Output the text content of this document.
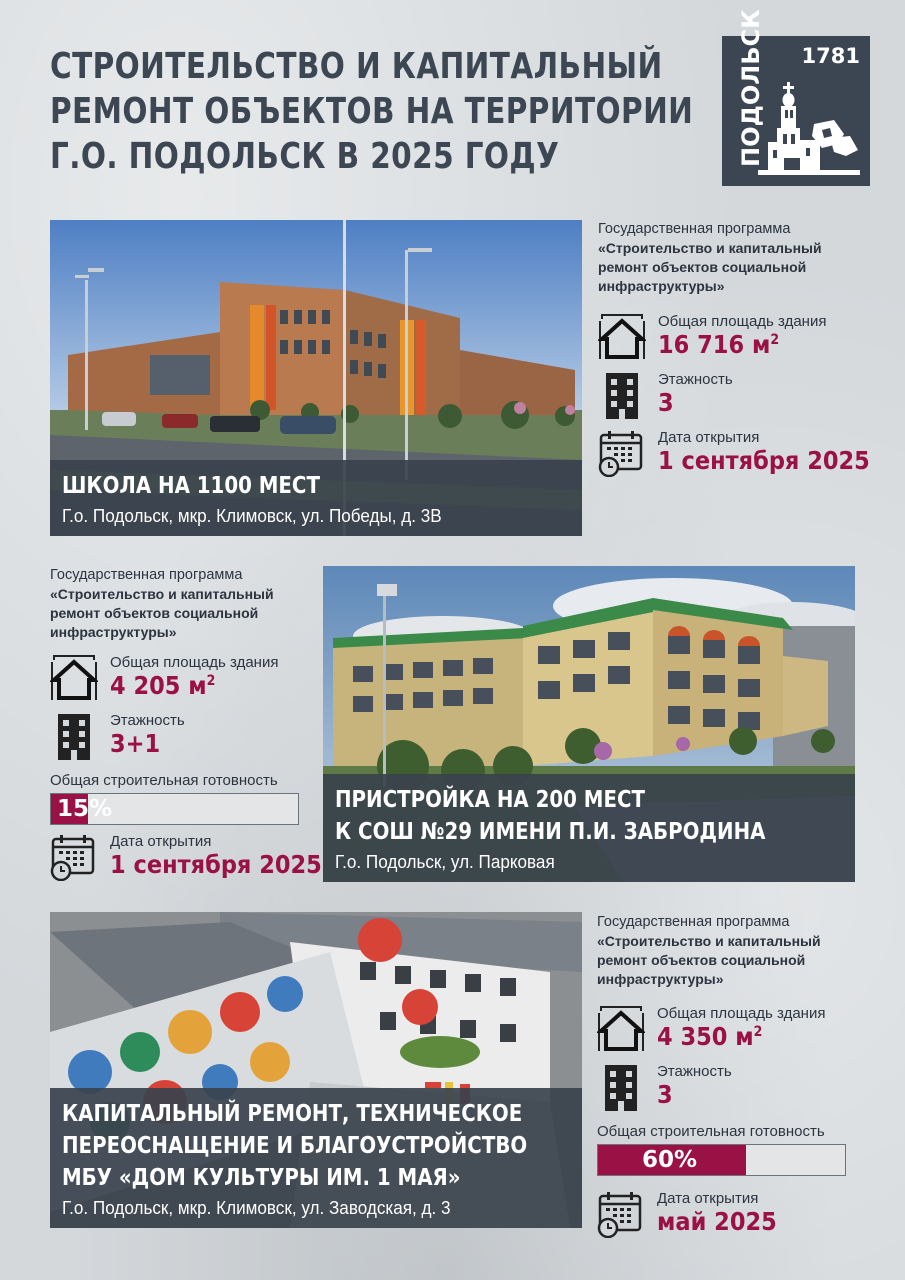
СТРОИТЕЛЬСТВО И КАПИТАЛЬНЫЙ
РЕМОНТ ОБЪЕКТОВ НА ТЕРРИТОРИИ
Г.О. ПОДОЛЬСК В 2025 ГОДУ	ПОДОЛЬСК 1781
ШКОЛА НА 1100 МЕСТ
Г.о. Подольск, мкр. Климовск, ул. Победы, д. 3В
Государственная программа
«Строительство и капитальный ремонт объектов социальной инфраструктуры»
Общая площадь здания
16 716 $м^2$
Этажность
3
Дата открытия
1 сентября 2025
Государственная программа
«Строительство и капитальный ремонт объектов социальной инфраструктуры»
Общая площадь здания
4 205 $м^2$
Этажность
3+1
Общая строительная готовность
15%
Дата открытия
1 сентября 2025
ПРИСТРОЙКА НА 200 МЕСТ
К СОШ №29 ИМЕНИ П.И. ЗАБРОДИНА
Г.о. Подольск, ул. Парковая
КАПИТАЛЬНЫЙ РЕМОНТ, ТЕХНИЧЕСКОЕ
ПЕРЕОСНАЩЕНИЕ И БЛАГОУСТРОЙСТВО
МБУ «ДОМ КУЛЬТУРЫ ИМ. 1 МАЯ»
Г.о. Подольск, мкр. Климовск, ул. Заводская, д. 3
Государственная программа
«Строительство и капитальный ремонт объектов социальной инфраструктуры»
Общая площадь здания
4 350 $м^2$
Этажность
3
Общая строительная готовность
60%
Дата открытия
май 2025
